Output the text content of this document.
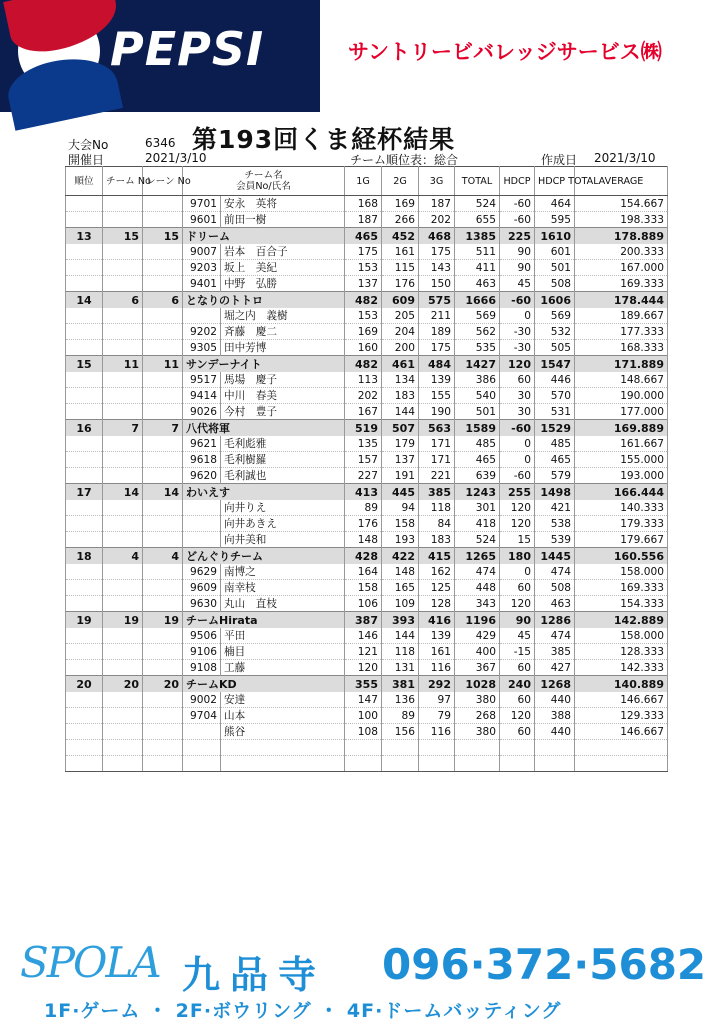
PEPSI	サントリービバレッジサービス㈱
大会No	6346
開催日	2021/3/10
第193回くま経杯結果
チーム順位表：総合	作成日 2021/3/10
順位	チーム No	レーン No	チーム名
会員No/氏名		1G	2G	3G	TOTAL	HDCP	HDCP TOTAL	AVERAGE
			9701	安永　英将	168	169	187	524	-60	464	154.667
			9601	前田一樹	187	266	202	655	-60	595	198.333
13	15	15	ドリーム		465	452	468	1385	225	1610	178.889
			9007	岩本　百合子	175	161	175	511	90	601	200.333
			9203	坂上　美紀	153	115	143	411	90	501	167.000
			9401	中野　弘勝	137	176	150	463	45	508	169.333
14	6	6	となりのトトロ		482	609	575	1666	-60	1606	178.444
				堀之内　義樹	153	205	211	569	0	569	189.667
			9202	斉藤　慶二	169	204	189	562	-30	532	177.333
			9305	田中芳博	160	200	175	535	-30	505	168.333
15	11	11	サンデーナイト		482	461	484	1427	120	1547	171.889
			9517	馬場　慶子	113	134	139	386	60	446	148.667
			9414	中川　春美	202	183	155	540	30	570	190.000
			9026	今村　豊子	167	144	190	501	30	531	177.000
16	7	7	八代将軍		519	507	563	1589	-60	1529	169.889
			9621	毛利彪雅	135	179	171	485	0	485	161.667
			9618	毛利樹羅	157	137	171	465	0	465	155.000
			9620	毛利誠也	227	191	221	639	-60	579	193.000
17	14	14	わいえす		413	445	385	1243	255	1498	166.444
				向井りえ	89	94	118	301	120	421	140.333
				向井あきえ	176	158	84	418	120	538	179.333
				向井美和	148	193	183	524	15	539	179.667
18	4	4	どんぐりチーム		428	422	415	1265	180	1445	160.556
			9629	南博之	164	148	162	474	0	474	158.000
			9609	南幸枝	158	165	125	448	60	508	169.333
			9630	丸山　直枝	106	109	128	343	120	463	154.333
19	19	19	チームHirata		387	393	416	1196	90	1286	142.889
			9506	平田	146	144	139	429	45	474	158.000
			9106	楠目	121	118	161	400	-15	385	128.333
			9108	工藤	120	131	116	367	60	427	142.333
20	20	20	チームKD		355	381	292	1028	240	1268	140.889
			9002	安達	147	136	97	380	60	440	146.667
			9704	山本	100	89	79	268	120	388	129.333
				熊谷	108	156	116	380	60	440	146.667

SPOLA 九品寺 096·372·5682
1F·ゲーム ・ 2F·ボウリング ・ 4F·ドームバッティング
